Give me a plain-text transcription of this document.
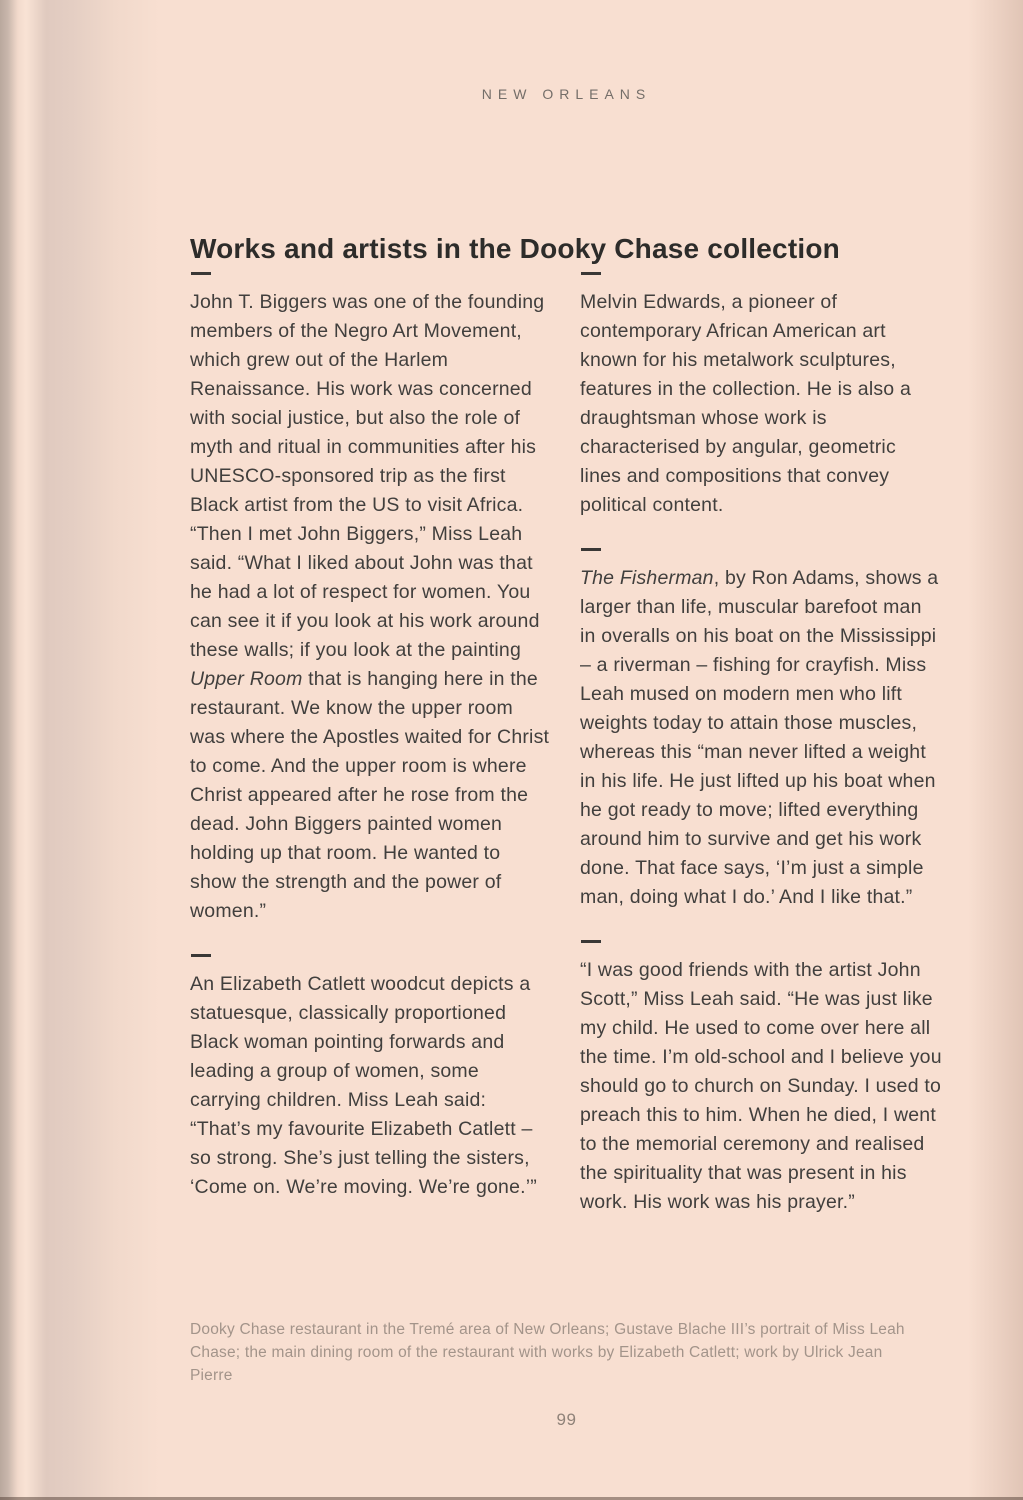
NEW ORLEANS
Works and artists in the Dooky Chase collection

John T. Biggers was one of the founding members of the Negro Art Movement, which grew out of the Harlem Renaissance. His work was concerned with social justice, but also the role of myth and ritual in communities after his UNESCO-sponsored trip as the first Black artist from the US to visit Africa. “Then I met John Biggers,” Miss Leah said. “What I liked about John was that he had a lot of respect for women. You can see it if you look at his work around these walls; if you look at the painting Upper Room that is hanging here in the restaurant. We know the upper room was where the Apostles waited for Christ to come. And the upper room is where Christ appeared after he rose from the dead. John Biggers painted women holding up that room. He wanted to show the strength and the power of women.”

An Elizabeth Catlett woodcut depicts a statuesque, classically proportioned Black woman pointing forwards and leading a group of women, some carrying children. Miss Leah said: “That’s my favourite Elizabeth Catlett – so strong. She’s just telling the sisters, ‘Come on. We’re moving. We’re gone.’”

Melvin Edwards, a pioneer of contemporary African American art known for his metalwork sculptures, features in the collection. He is also a draughtsman whose work is characterised by angular, geometric lines and compositions that convey political content.

The Fisherman, by Ron Adams, shows a larger than life, muscular barefoot man in overalls on his boat on the Mississippi – a riverman – fishing for crayfish. Miss Leah mused on modern men who lift weights today to attain those muscles, whereas this “man never lifted a weight in his life. He just lifted up his boat when he got ready to move; lifted everything around him to survive and get his work done. That face says, ‘I’m just a simple man, doing what I do.’ And I like that.”

“I was good friends with the artist John Scott,” Miss Leah said. “He was just like my child. He used to come over here all the time. I’m old-school and I believe you should go to church on Sunday. I used to preach this to him. When he died, I went to the memorial ceremony and realised the spirituality that was present in his work. His work was his prayer.”

Dooky Chase restaurant in the Tremé area of New Orleans; Gustave Blache III’s portrait of Miss Leah Chase; the main dining room of the restaurant with works by Elizabeth Catlett; work by Ulrick Jean Pierre
99
